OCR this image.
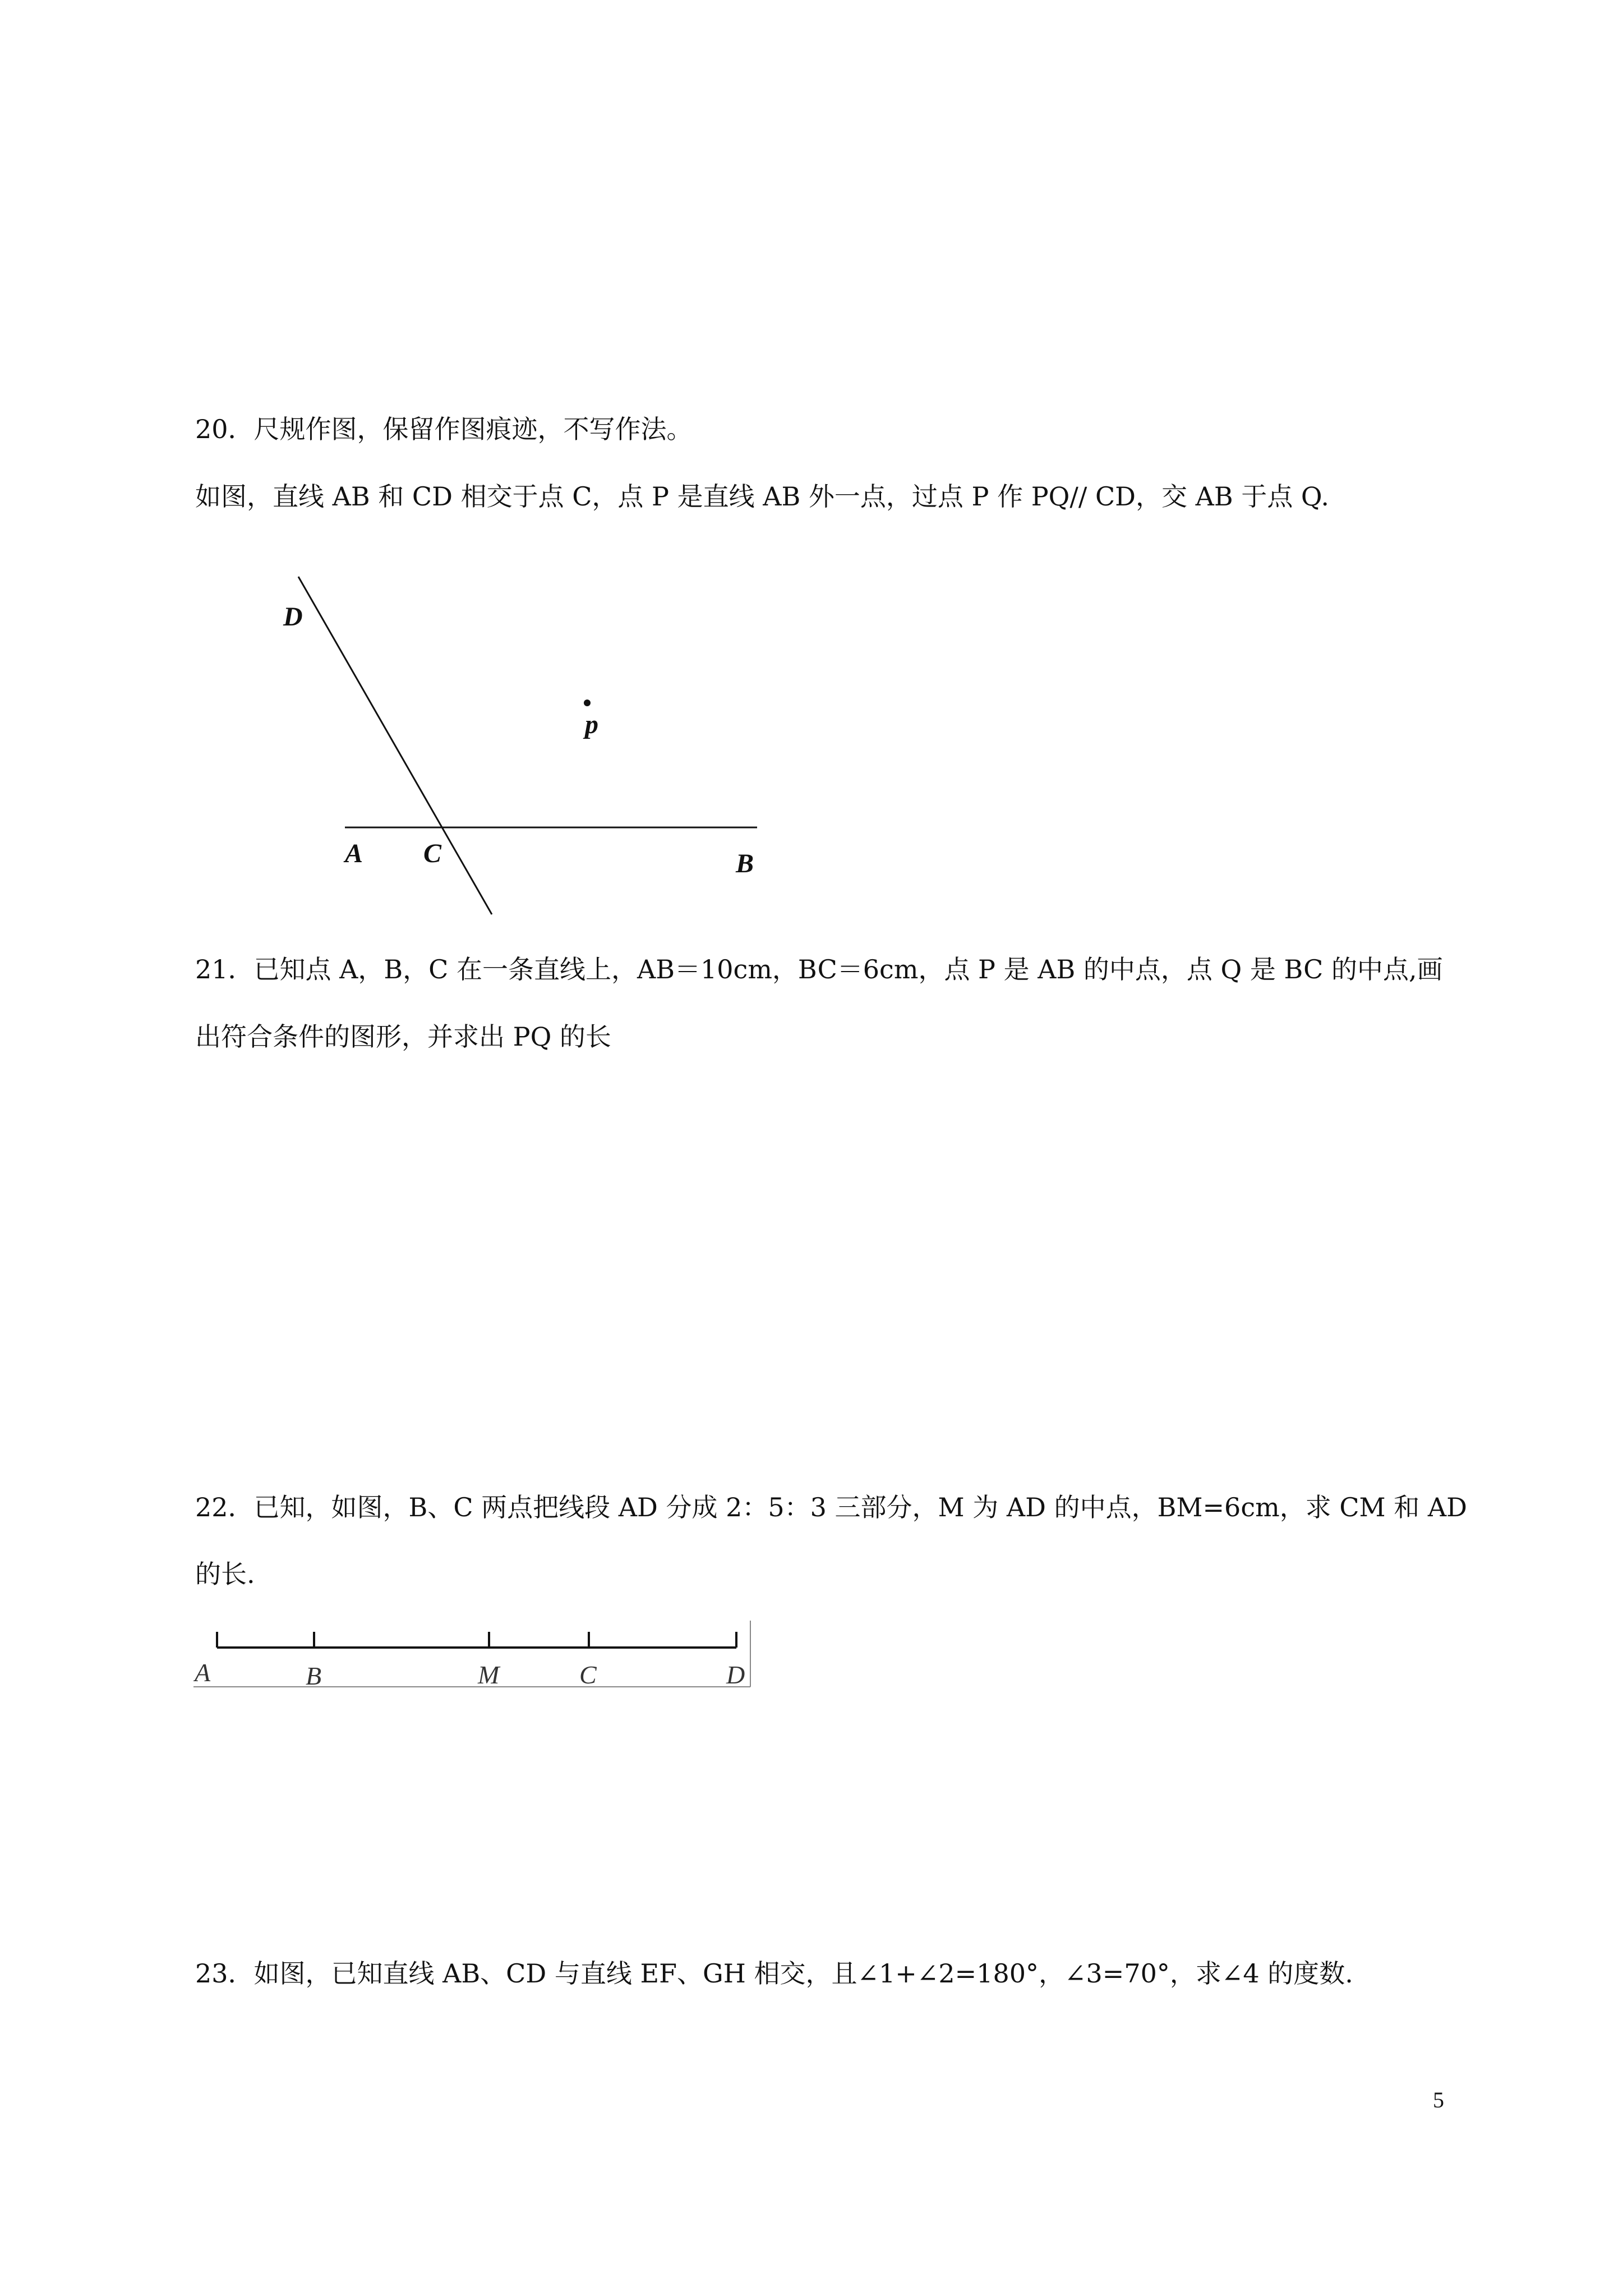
20．尺规作图，保留作图痕迹，不写作法。
如图，直线 AB 和 CD 相交于点 C，点 P 是直线 AB 外一点，过点 P 作 PQ// CD，交 AB 于点 Q.
D
p
A C	B
21．已知点 A，B，C 在一条直线上，AB＝10cm，BC＝6cm，点 P 是 AB 的中点，点 Q 是 BC 的中点,画
出符合条件的图形，并求出 PQ 的长
22．已知，如图，B、C 两点把线段 AD 分成 2：5：3 三部分，M 为 AD 的中点，BM=6cm，求 CM 和 AD
的长.
A	B	M	C	D
23．如图，已知直线 AB、CD 与直线 EF、GH 相交，且∠1+∠2=180°，∠3=70°，求∠4 的度数.
5
